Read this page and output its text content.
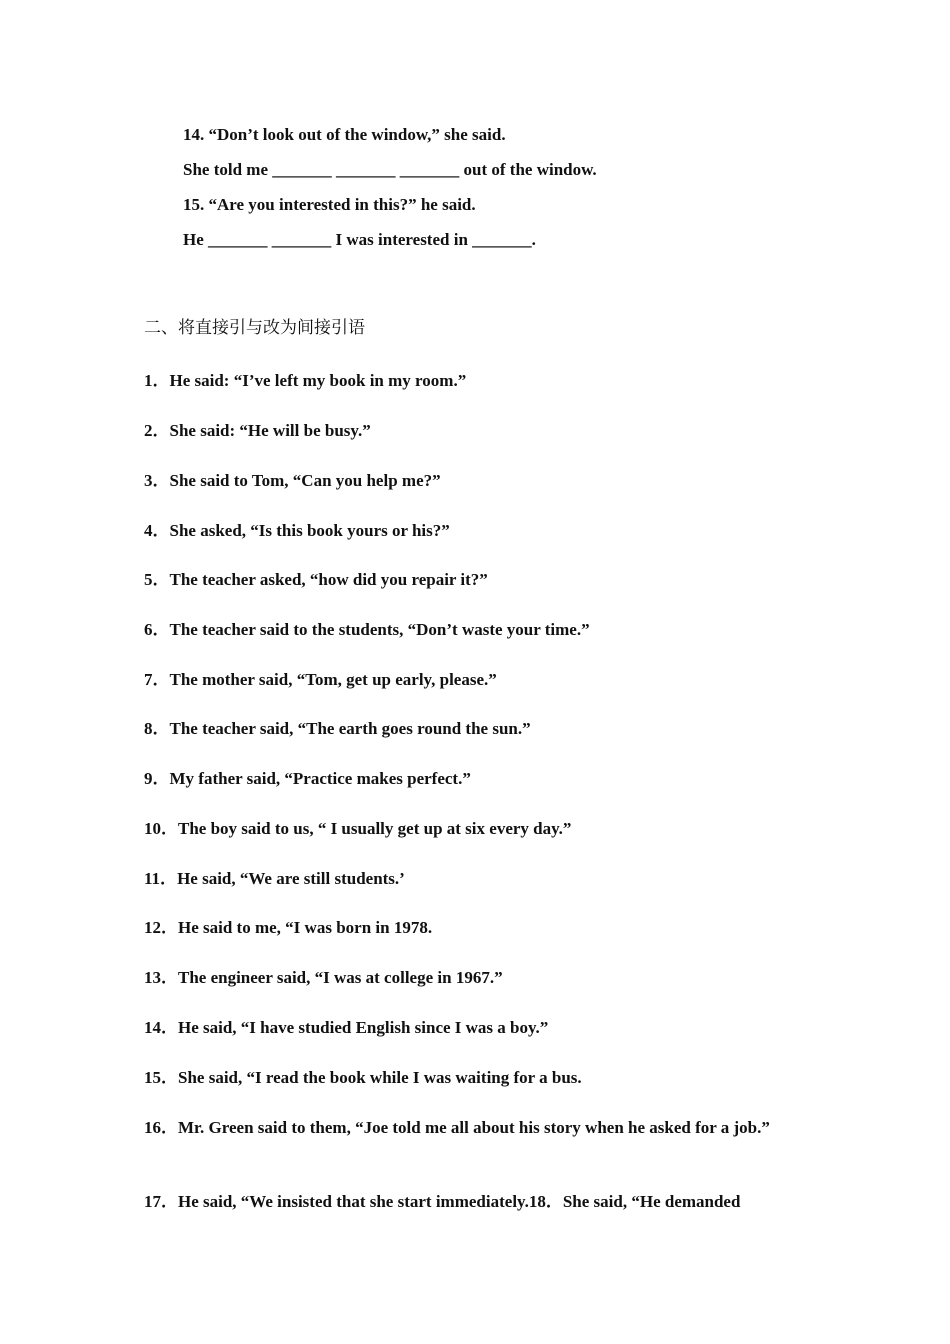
14. “Don’t look out of the window,” she said.
She told me _______ _______ _______ out of the window.
15. “Are you interested in this?” he said.
He _______ _______ I was interested in _______.
二、将直接引与改为间接引语
1．He said: “I’ve left my book in my room.”
2．She said: “He will be busy.”
3．She said to Tom, “Can you help me?”
4．She asked, “Is this book yours or his?”
5．The teacher asked, “how did you repair it?”
6．The teacher said to the students, “Don’t waste your time.”
7．The mother said, “Tom, get up early, please.”
8．The teacher said, “The earth goes round the sun.”
9．My father said, “Practice makes perfect.”
10．The boy said to us, “ I usually get up at six every day.”
11．He said, “We are still students.’
12．He said to me, “I was born in 1978.
13．The engineer said, “I was at college in 1967.”
14．He said, “I have studied English since I was a boy.”
15．She said, “I read the book while I was waiting for a bus.
16．Mr. Green said to them, “Joe told me all about his story when he asked for a job.”
17．He said, “We insisted that she start immediately.18．She said, “He demanded
